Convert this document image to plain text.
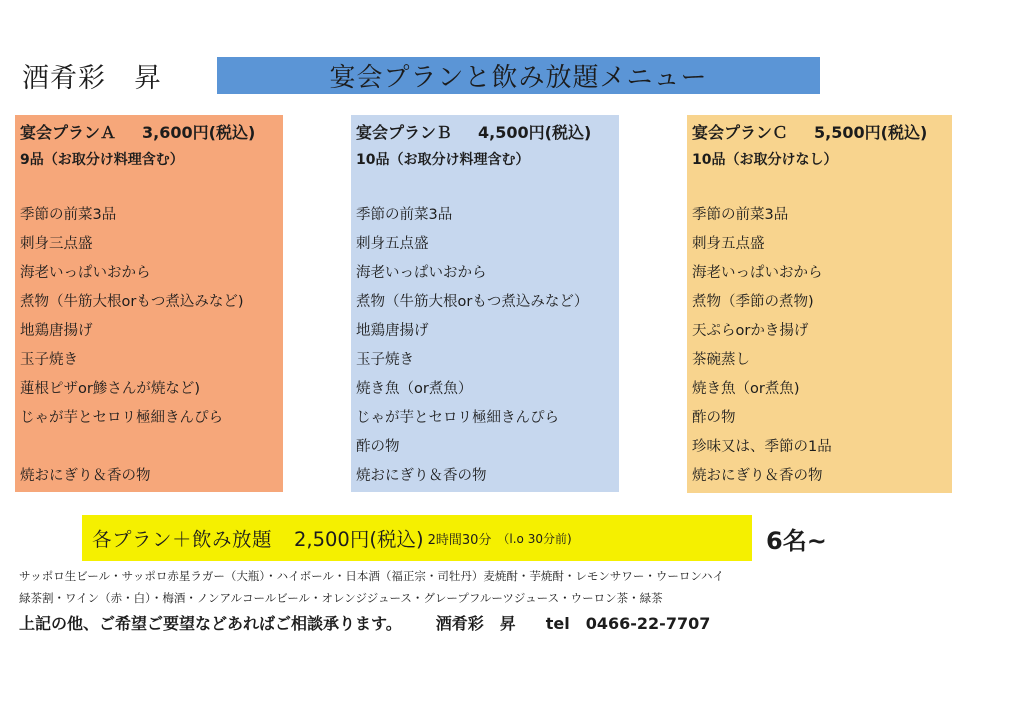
酒肴彩　昇	宴会プランと飲み放題メニュー
宴会プランＡ 3,600円(税込)
9品（お取分け料理含む）
季節の前菜3品
刺身三点盛
海老いっぱいおから
煮物（牛筋大根orもつ煮込みなど)
地鶏唐揚げ
玉子焼き
蓮根ピザor鯵さんが焼など)
じゃが芋とセロリ極細きんぴら
焼おにぎり＆香の物
宴会プランＢ 4,500円(税込)
10品（お取分け料理含む）
季節の前菜3品
刺身五点盛
海老いっぱいおから
煮物（牛筋大根orもつ煮込みなど）
地鶏唐揚げ
玉子焼き
焼き魚（or煮魚）
じゃが芋とセロリ極細きんぴら
酢の物
焼おにぎり＆香の物
宴会プランＣ 5,500円(税込)
10品（お取分けなし）
季節の前菜3品
刺身五点盛
海老いっぱいおから
煮物（季節の煮物)
天ぷらorかき揚げ
茶碗蒸し
焼き魚（or煮魚)
酢の物
珍味又は、季節の1品
焼おにぎり＆香の物
各プラン＋飲み放題 2,500円(税込) 2時間30分 （l.o 30分前)	6名~
サッポロ生ビール・サッポロ赤星ラガー（大瓶）・ハイボール・日本酒（福正宗・司牡丹）麦焼酎・芋焼酎・レモンサワー・ウーロンハイ
緑茶割・ワイン（赤・白）・梅酒・ノンアルコールビール・オレンジジュース・グレープフルーツジュース・ウーロン茶・緑茶
上記の他、ご希望ご要望などあればご相談承ります。 酒肴彩　昇 tel　0466-22-7707
